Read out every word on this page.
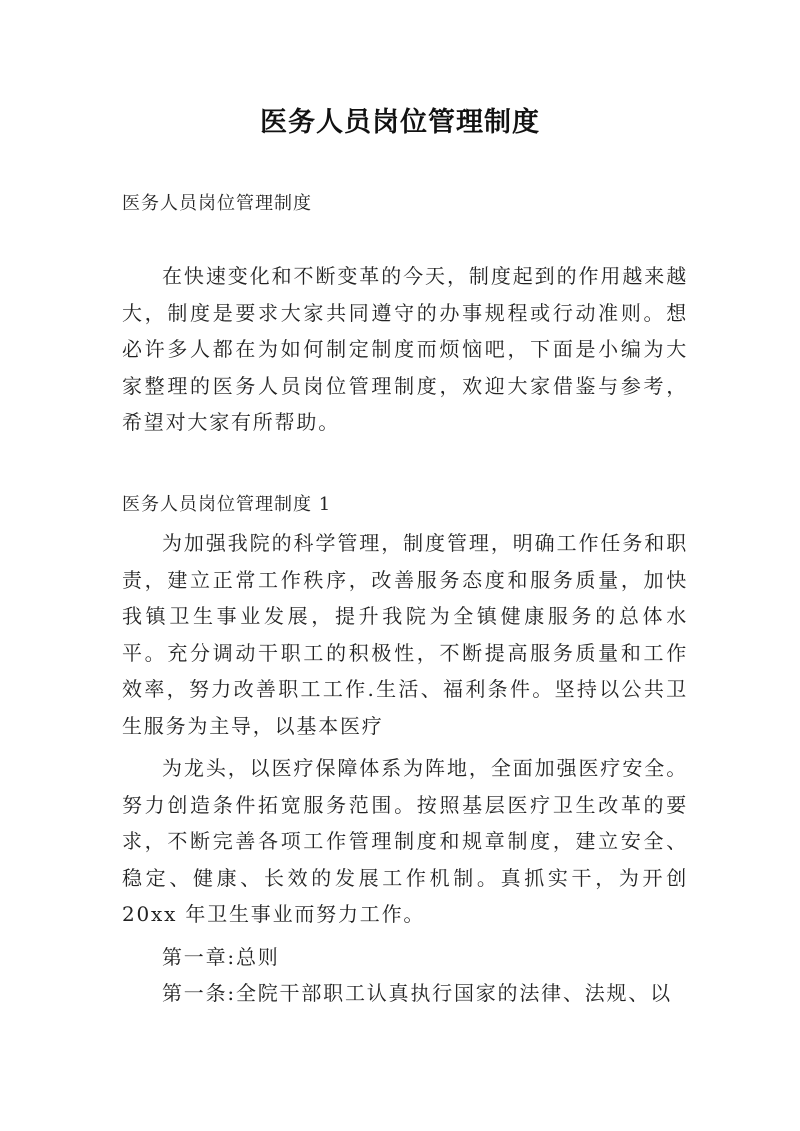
医务人员岗位管理制度
医务人员岗位管理制度

在快速变化和不断变革的今天，制度起到的作用越来越大，制度是要求大家共同遵守的办事规程或行动准则。想必许多人都在为如何制定制度而烦恼吧，下面是小编为大家整理的医务人员岗位管理制度，欢迎大家借鉴与参考，希望对大家有所帮助。

医务人员岗位管理制度 1

为加强我院的科学管理，制度管理，明确工作任务和职责，建立正常工作秩序，改善服务态度和服务质量，加快我镇卫生事业发展，提升我院为全镇健康服务的总体水平。充分调动干职工的积极性，不断提高服务质量和工作效率，努力改善职工工作.生活、福利条件。坚持以公共卫生服务为主导，以基本医疗

为龙头，以医疗保障体系为阵地，全面加强医疗安全。努力创造条件拓宽服务范围。按照基层医疗卫生改革的要求，不断完善各项工作管理制度和规章制度，建立安全、稳定、健康、长效的发展工作机制。真抓实干，为开创 20xx 年卫生事业而努力工作。

第一章:总则
第一条:全院干部职工认真执行国家的法律、法规、以
